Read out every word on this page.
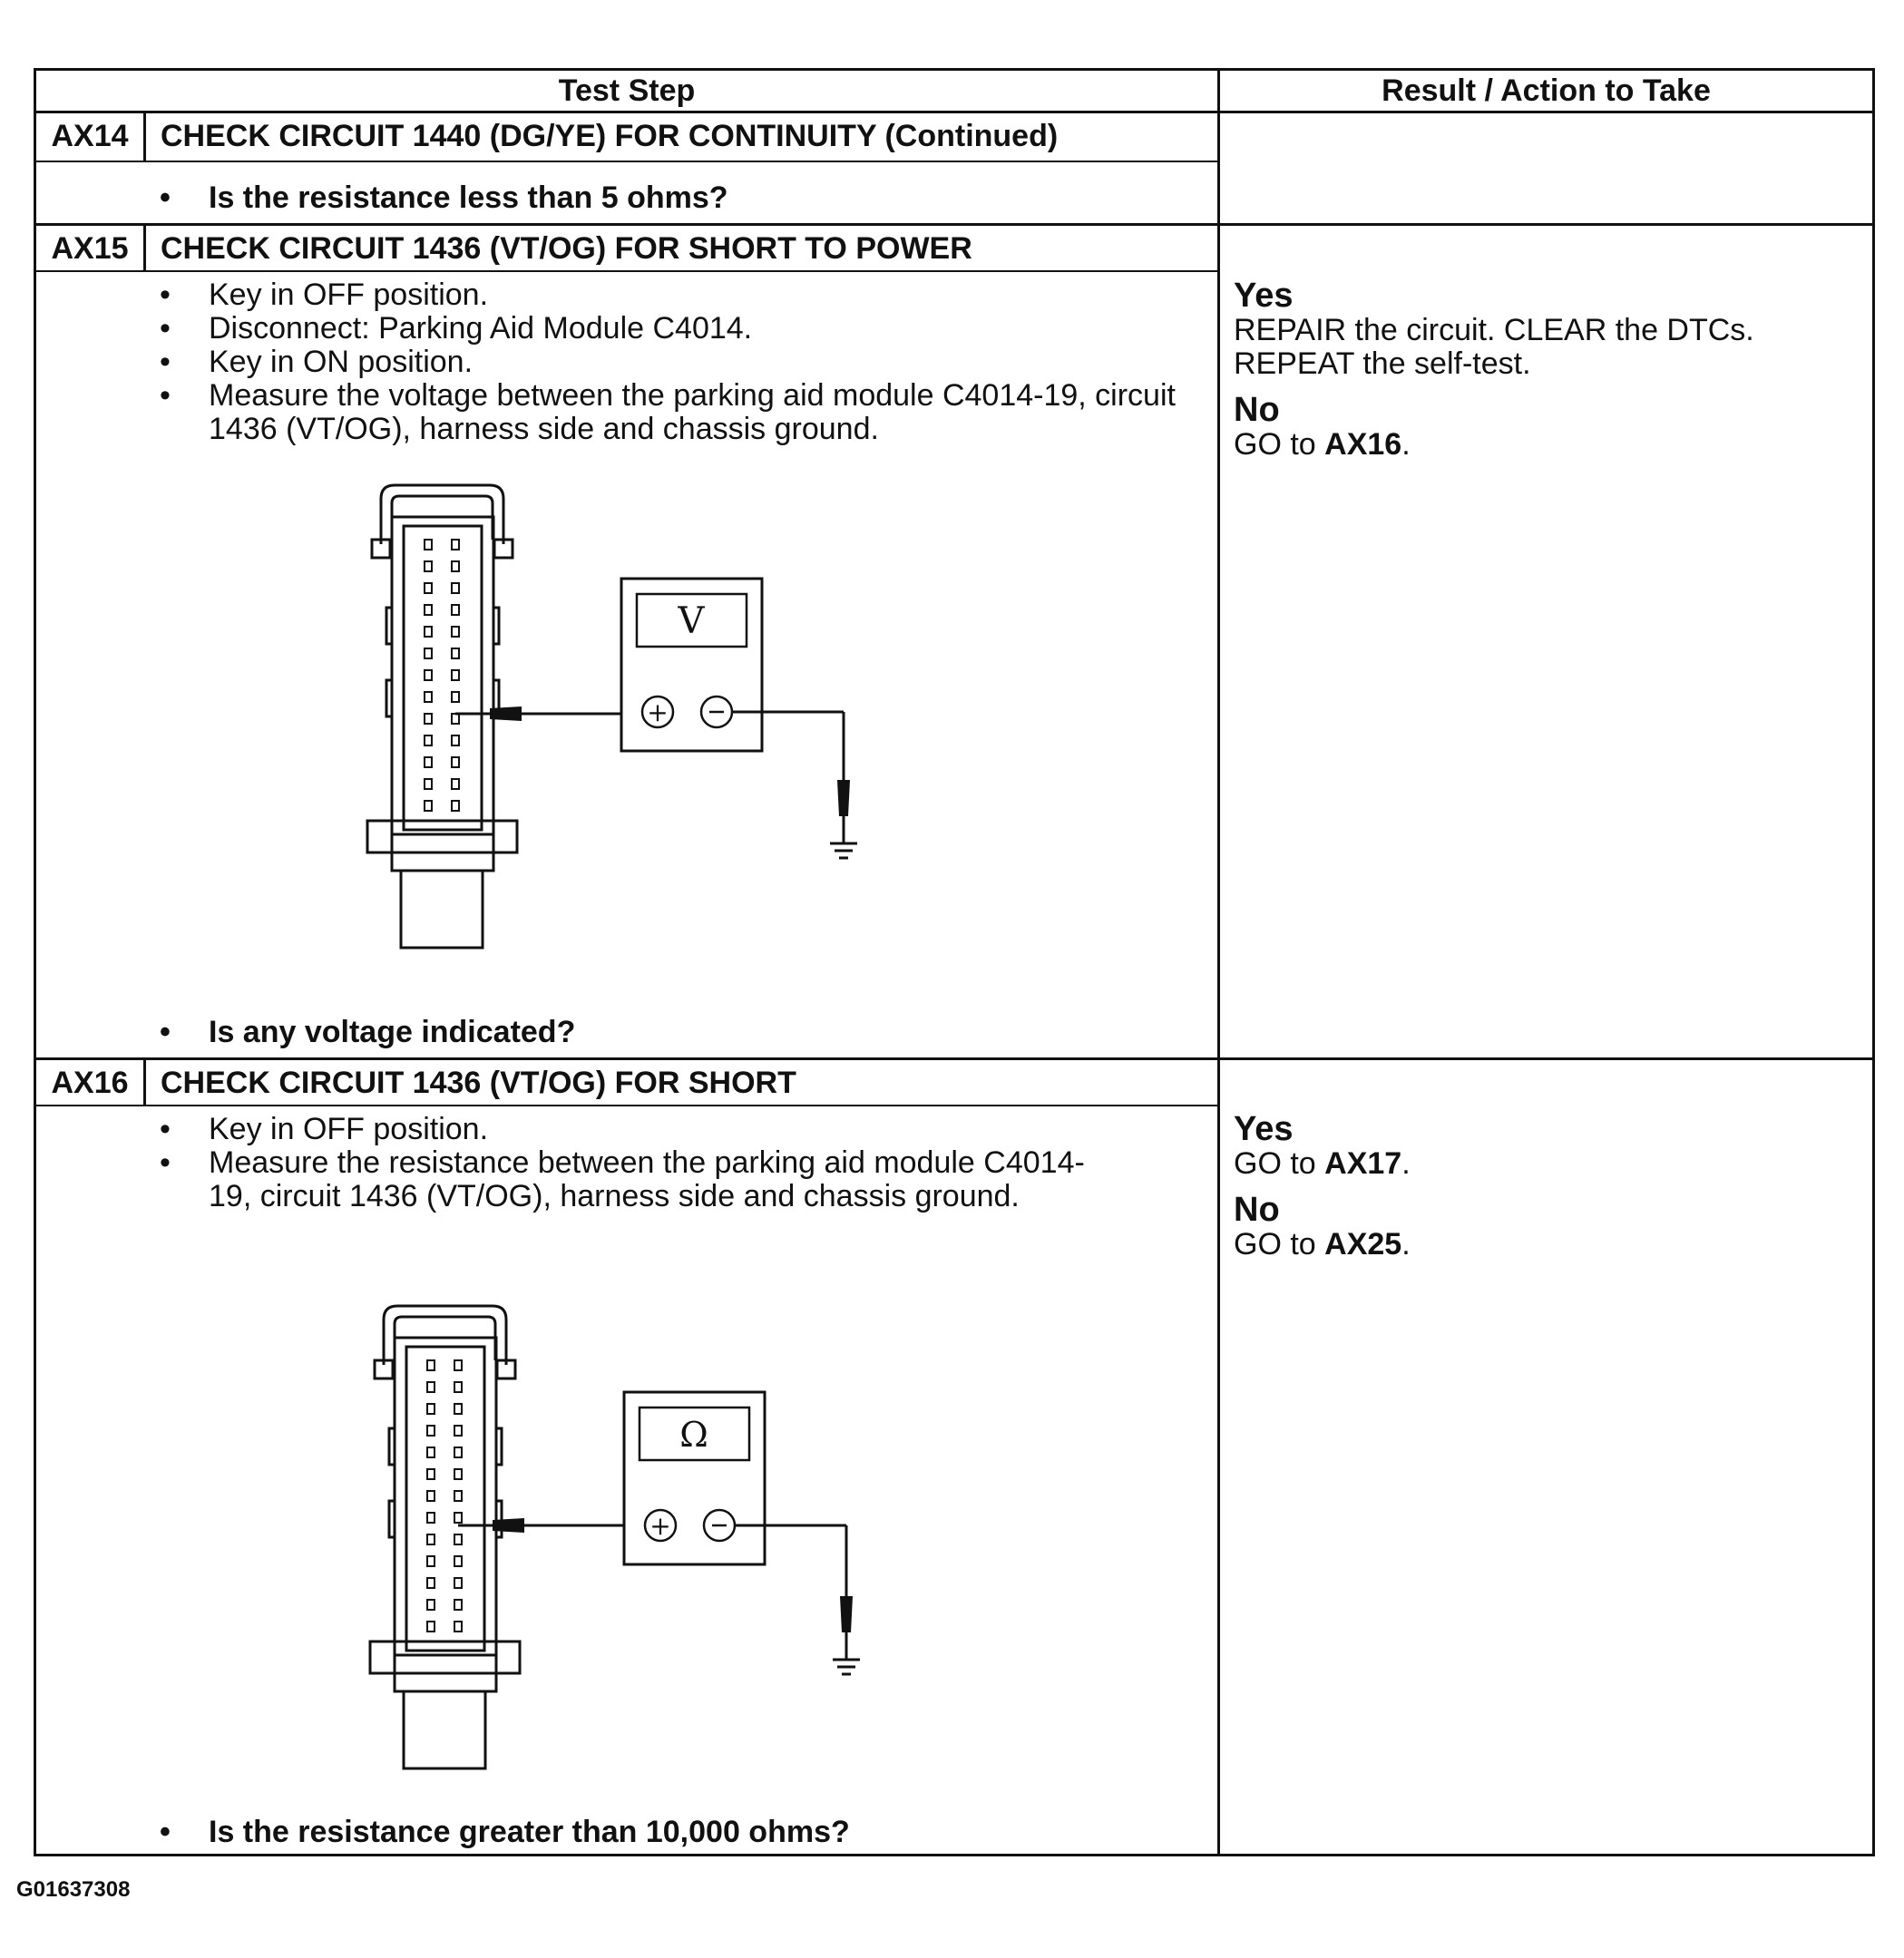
Test Step	Result / Action to Take
AX14	CHECK CIRCUIT 1440 (DG/YE) FOR CONTINUITY (Continued)
• Is the resistance less than 5 ohms?
AX15	CHECK CIRCUIT 1436 (VT/OG) FOR SHORT TO POWER
• Key in OFF position.
• Disconnect: Parking Aid Module C4014.
• Key in ON position.
• Measure the voltage between the parking aid module C4014-19, circuit 1436 (VT/OG), harness side and chassis ground.
V
+
• Is any voltage indicated?
Yes
REPAIR the circuit. CLEAR the DTCs.
REPEAT the self-test.
No
GO to AX16.
AX16	CHECK CIRCUIT 1436 (VT/OG) FOR SHORT
• Key in OFF position.
• Measure the resistance between the parking aid module C4014-19, circuit 1436 (VT/OG), harness side and chassis ground.
Ω
+
• Is the resistance greater than 10,000 ohms?
Yes
GO to AX17.
No
GO to AX25.
G01637308
